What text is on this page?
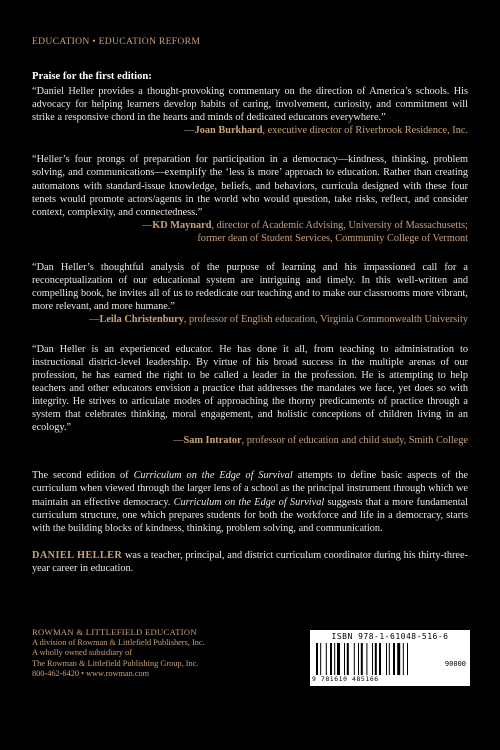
EDUCATION • EDUCATION REFORM
Praise for the first edition:
“Daniel Heller provides a thought-provoking commentary on the direction of America’s schools. His advocacy for helping learners develop habits of caring, involvement, curiosity, and commitment will strike a responsive chord in the hearts and minds of dedicated educators everywhere.”
—Joan Burkhard, executive director of Riverbrook Residence, Inc.
“Heller’s four prongs of preparation for participation in a democracy—kindness, thinking, problem solving, and communications—exemplify the ‘less is more’ approach to education. Rather than creating automatons with standard-issue knowledge, beliefs, and behaviors, curricula designed with these four tenets would promote actors/agents in the world who would question, take risks, reflect, and consider context, complexity, and connectedness.”
—KD Maynard, director of Academic Advising, University of Massachusetts;
former dean of Student Services, Community College of Vermont
“Dan Heller’s thoughtful analysis of the purpose of learning and his impassioned call for a reconceptualization of our educational system are intriguing and timely. In this well-written and compelling book, he invites all of us to rededicate our teaching and to make our classrooms more vibrant, more relevant, and more humane.”
—Leila Christenbury, professor of English education, Virginia Commonwealth University
“Dan Heller is an experienced educator. He has done it all, from teaching to administration to instructional district-level leadership. By virtue of his broad success in the multiple arenas of our profession, he has earned the right to be called a leader in the profession. He is attempting to help teachers and other educators envision a practice that addresses the mandates we face, yet does so with integrity. He strives to articulate modes of approaching the thorny predicaments of practice through a system that celebrates thinking, moral engagement, and holistic conceptions of children living in an ecology.”
—Sam Intrator, professor of education and child study, Smith College
The second edition of Curriculum on the Edge of Survival attempts to define basic aspects of the curriculum when viewed through the larger lens of a school as the principal instrument through which we maintain an effective democracy. Curriculum on the Edge of Survival suggests that a more fundamental curriculum structure, one which prepares students for both the workforce and life in a democracy, starts with the building blocks of kindness, thinking, problem solving, and communication.
DANIEL HELLER was a teacher, principal, and district curriculum coordinator during his thirty-three-year career in education.
ROWMAN & LITTLEFIELD EDUCATION
A division of Rowman & Littlefield Publishers, Inc.
A wholly owned subsidiary of
The Rowman & Littlefield Publishing Group, Inc.
800-462-6420 • www.rowman.com
ISBN 978-1-61048-516-6
90000
9 781610 485166
